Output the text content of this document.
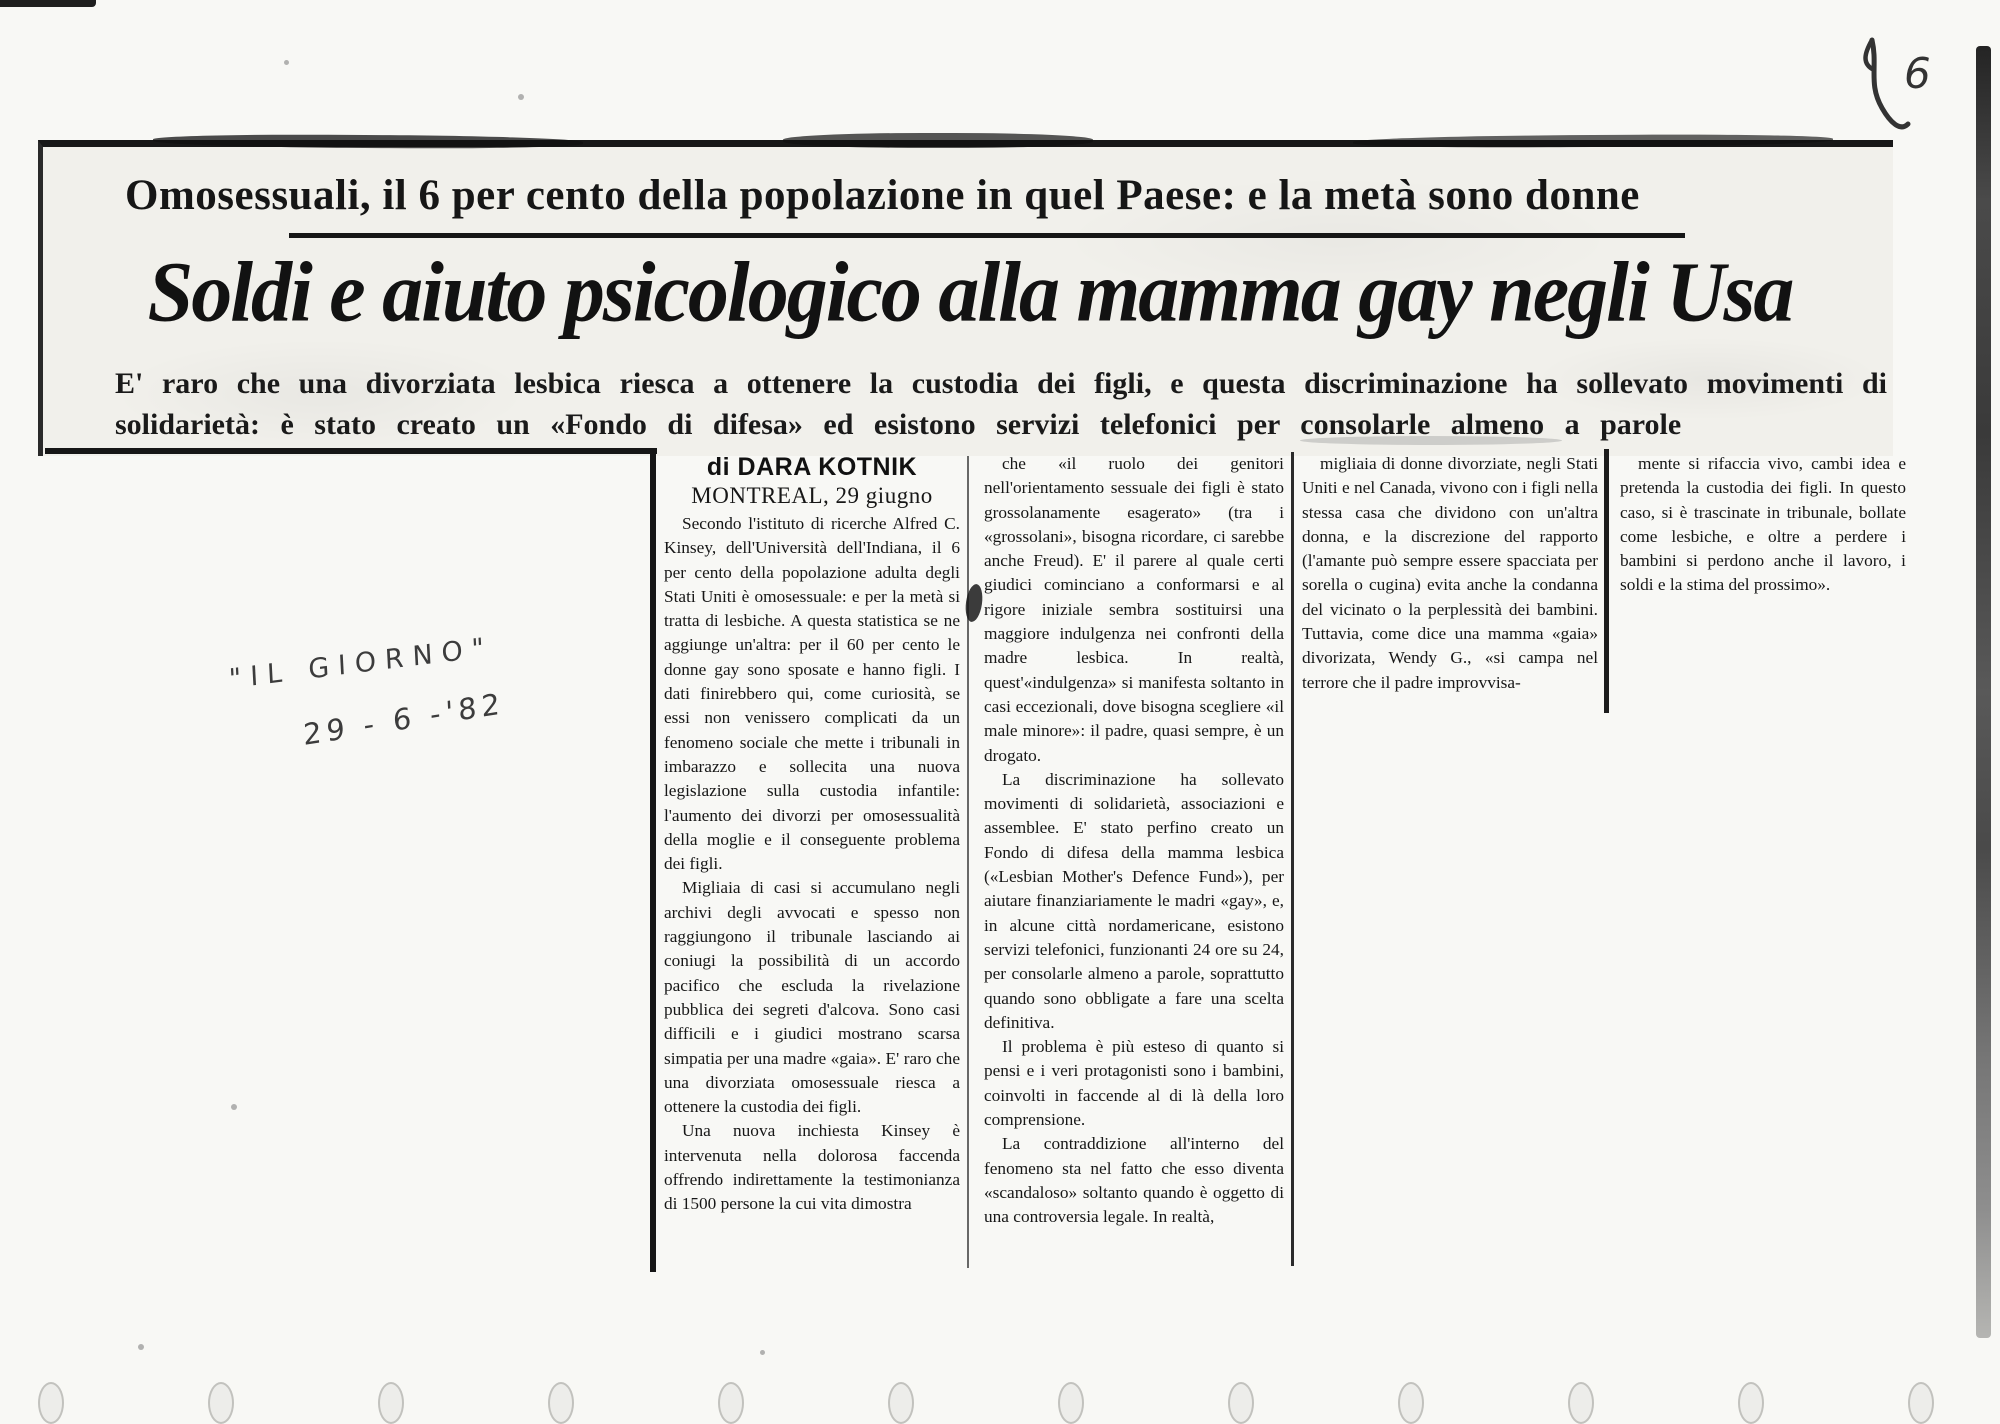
6
Omosessuali, il 6 per cento della popolazione in quel Paese: e la metà sono donne
Soldi e aiuto psicologico alla mamma gay negli Usa
E' raro che una divorziata lesbica riesca a ottenere la custodia dei figli, e questa discriminazione ha sollevato movimenti di
solidarietà: è stato creato un «Fondo di difesa» ed esistono servizi telefonici per consolarle almeno a parole
"IL GIORNO"
29 - 6 -'82

di DARA KOTNIK

MONTREAL, 29 giugno

Secondo l'istituto di ricerche Alfred C. Kinsey, dell'Università dell'Indiana, il 6 per cento della popolazione adulta degli Stati Uniti è omosessuale: e per la metà si tratta di lesbiche. A questa statistica se ne aggiunge un'altra: per il 60 per cento le donne gay sono sposate e hanno figli. I dati finirebbero qui, come curiosità, se essi non venissero complicati da un fenomeno sociale che mette i tribunali in imbarazzo e sollecita una nuova legislazione sulla custodia infantile: l'aumento dei divorzi per omosessualità della moglie e il conseguente problema dei figli.

Migliaia di casi si accumulano negli archivi degli avvocati e spesso non raggiungono il tribunale lasciando ai coniugi la possibilità di un accordo pacifico che escluda la rivelazione pubblica dei segreti d'alcova. Sono casi difficili e i giudici mostrano scarsa simpatia per una madre «gaia». E' raro che una divorziata omosessuale riesca a ottenere la custodia dei figli.

Una nuova inchiesta Kinsey è intervenuta nella dolorosa faccenda offrendo indirettamente la testimonianza di 1500 persone la cui vita dimostra

che «il ruolo dei genitori nell'orientamento sessuale dei figli è stato grossolanamente esagerato» (tra i «grossolani», bisogna ricordare, ci sarebbe anche Freud). E' il parere al quale certi giudici cominciano a conformarsi e al rigore iniziale sembra sostituirsi una maggiore indulgenza nei confronti della madre lesbica. In realtà, quest'«indulgenza» si manifesta soltanto in casi eccezionali, dove bisogna scegliere «il male minore»: il padre, quasi sempre, è un drogato.

La discriminazione ha sollevato movimenti di solidarietà, associazioni e assemblee. E' stato perfino creato un Fondo di difesa della mamma lesbica («Lesbian Mother's Defence Fund»), per aiutare finanziariamente le madri «gay», e, in alcune città nordamericane, esistono servizi telefonici, funzionanti 24 ore su 24, per consolarle almeno a parole, soprattutto quando sono obbligate a fare una scelta definitiva.

Il problema è più esteso di quanto si pensi e i veri protagonisti sono i bambini, coinvolti in faccende al di là della loro comprensione.

La contraddizione all'interno del fenomeno sta nel fatto che esso diventa «scandaloso» soltanto quando è oggetto di una controversia legale. In realtà,

migliaia di donne divorziate, negli Stati Uniti e nel Canada, vivono con i figli nella stessa casa che dividono con un'altra donna, e la discrezione del rapporto (l'amante può sempre essere spacciata per sorella o cugina) evita anche la condanna del vicinato o la perplessità dei bambini. Tuttavia, come dice una mamma «gaia» divorizata, Wendy G., «si campa nel terrore che il padre improvvisa-

mente si rifaccia vivo, cambi idea e pretenda la custodia dei figli. In questo caso, si è trascinate in tribunale, bollate come lesbiche, e oltre a perdere i bambini si perdono anche il lavoro, i soldi e la stima del prossimo».
